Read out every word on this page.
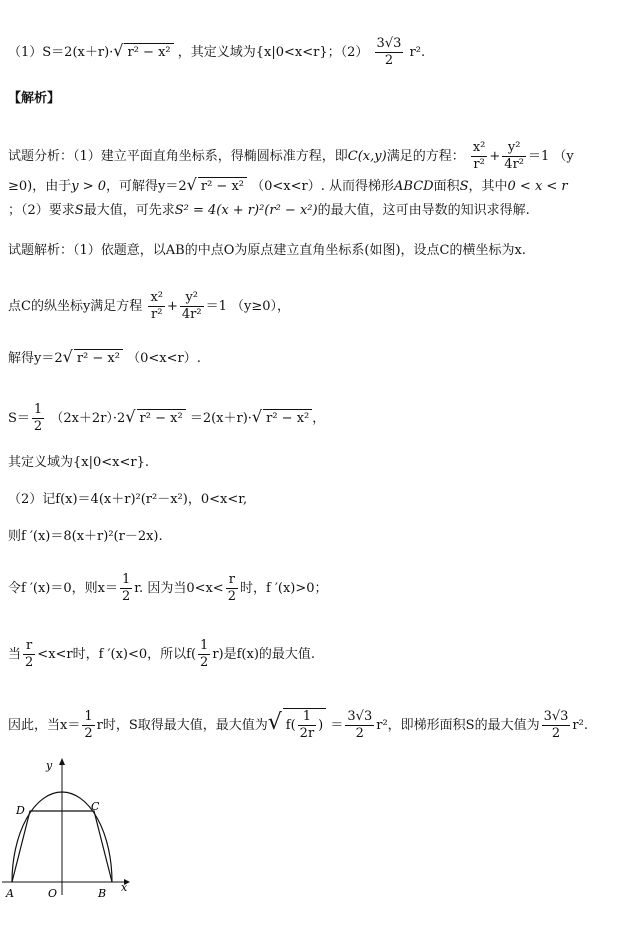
（1）S＝2(x＋r)·√ r² − x² ，其定义域为{x|0<x<r}；$(2) \frac{3√3}{2} r^2$.
【解析】
试题分析：（1）建立平面直角坐标系，得椭圆标准方程，即C(x,y)满足的方程： $\frac{\text{x²}}{\text{r²}} + \frac{\text{y²}}{\text{4r²}} =1$ （y
≥0)，由于y > 0，可解得y＝2√ r² − x² （0<x<r）. 从而得梯形ABCD面积S，其中0 < x < r
；（2）要求S最大值，可先求S² = 4(x + r)²(r² − x²)的最大值，这可由导数的知识求得解.
试题解析：（1）依题意，以AB的中点O为原点建立直角坐标系(如图)，设点C的横坐标为x.
点C的纵坐标y满足方程 $\frac{\text{x²}}{\text{r²}} + \frac{\text{y²}}{\text{4r²}} =1$ （y≥0），
解得y＝2√ r² − x² （0<x<r）.
$S= \frac{1}{2} (2x+2r)\cdot 2√$ r² − x² ＝2(x＋r)·√ r² − x² ，
其定义域为{x|0<x<r}.
（2）记f(x)＝4(x＋r)²(r²－x²)，0<x<r,
则f ′(x)＝8(x＋r)²(r－2x).
令f ′(x)＝0，则$x= \frac{1}{2} r$. 因为当$0<x< \frac{r}{2}$ 时，f ′(x)>0；
当 $\frac{r}{2} <x<r$时，f ′(x)<0，所以$f( \frac{1}{2} r)$是f(x)的最大值.
因此，当$x= \frac{1}{2}$ r时，S取得最大值，最大值为√ $f( \frac{1}{2r}$ ) ＝ $\frac{3√3}{2} r^2$，即梯形面积S的最大值为 $\frac{3√3}{2} r^2$.
y
x
A	O	B
C
D
